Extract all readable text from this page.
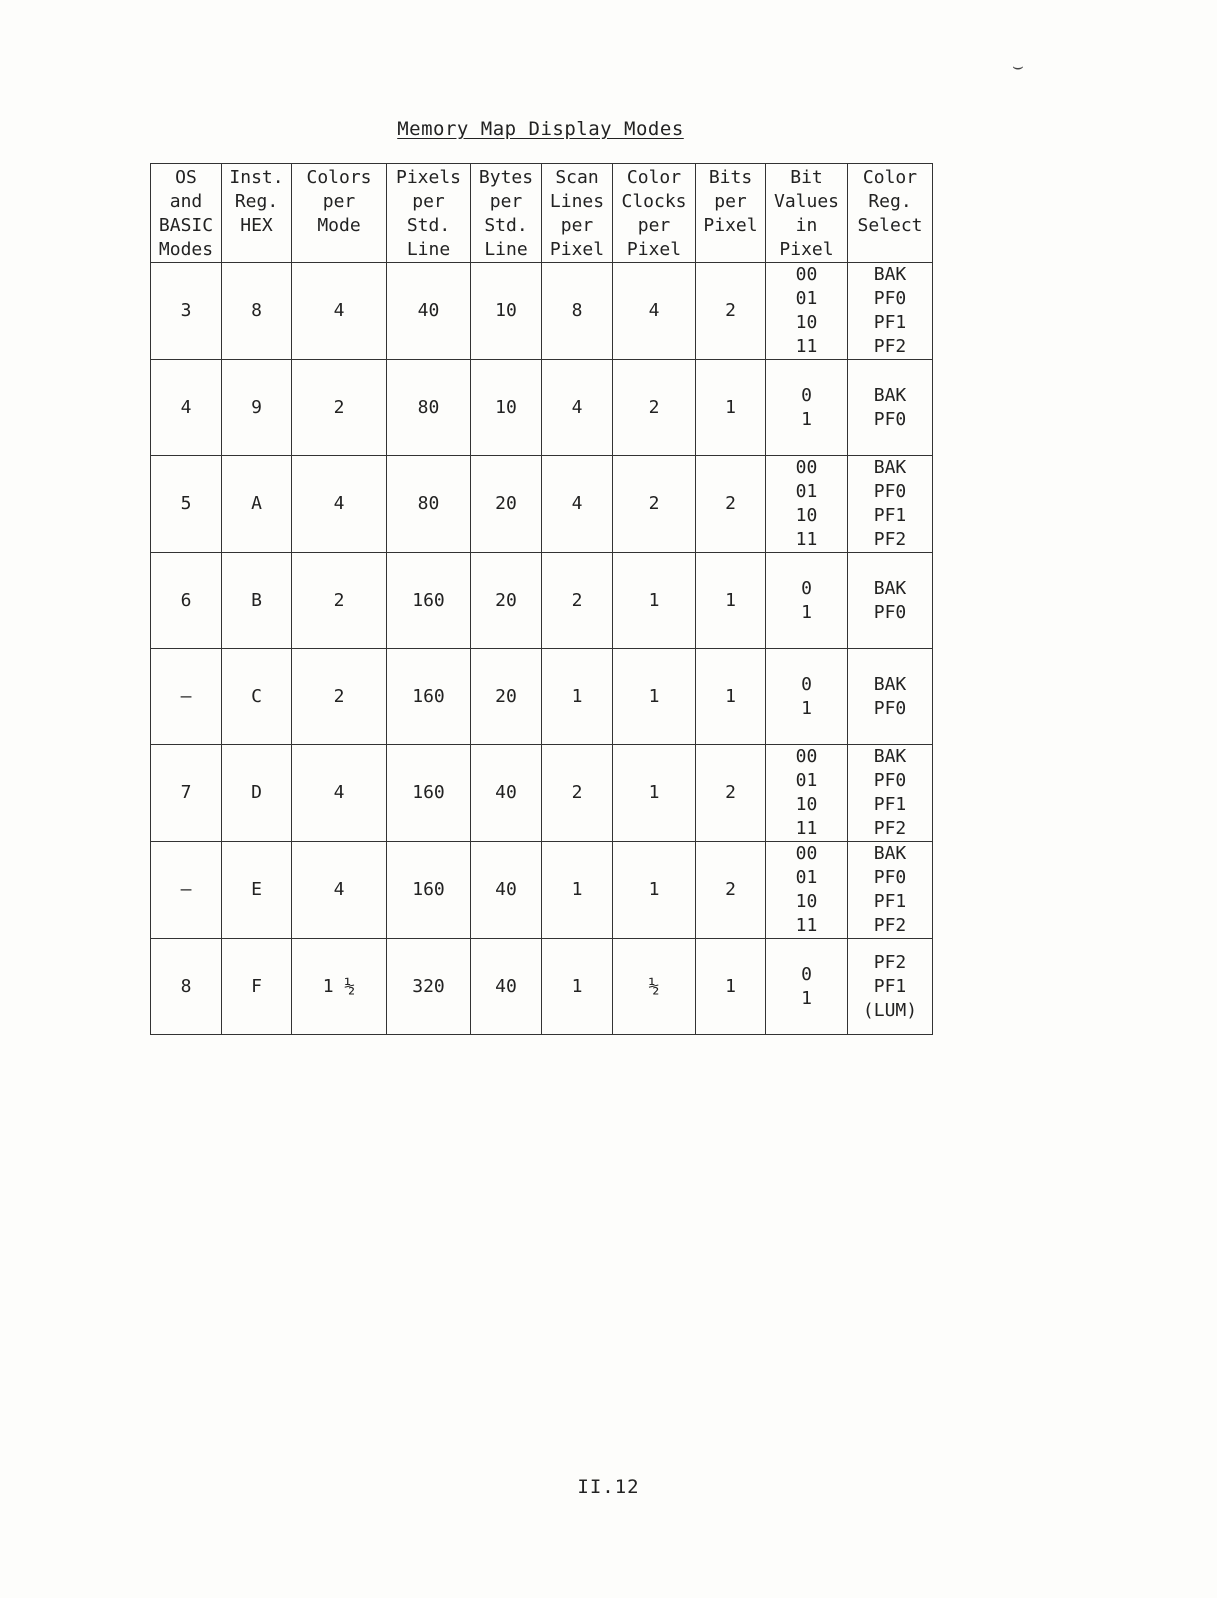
⌣
Memory Map Display Modes
OS
and
BASIC
Modes	Inst.
Reg.
HEX	Colors
per
Mode	Pixels
per
Std.
Line	Bytes
per
Std.
Line	Scan
Lines
per
Pixel	Color
Clocks
per
Pixel	Bits
per
Pixel	Bit
Values
in
Pixel	Color
Reg.
Select

3	8	4	40	10	8	4	2	00
01
10
11	BAK
PF0
PF1
PF2

4	9	2	80	10	4	2	1	0
1	BAK
PF0

5	A	4	80	20	4	2	2	00
01
10
11	BAK
PF0
PF1
PF2

6	B	2	160	20	2	1	1	0
1	BAK
PF0

–	C	2	160	20	1	1	1	0
1	BAK
PF0

7	D	4	160	40	2	1	2	00
01
10
11	BAK
PF0
PF1
PF2

–	E	4	160	40	1	1	2	00
01
10
11	BAK
PF0
PF1
PF2

8	F	1 ½	320	40	1	½	1	0
1	PF2
PF1
(LUM)
II.12
